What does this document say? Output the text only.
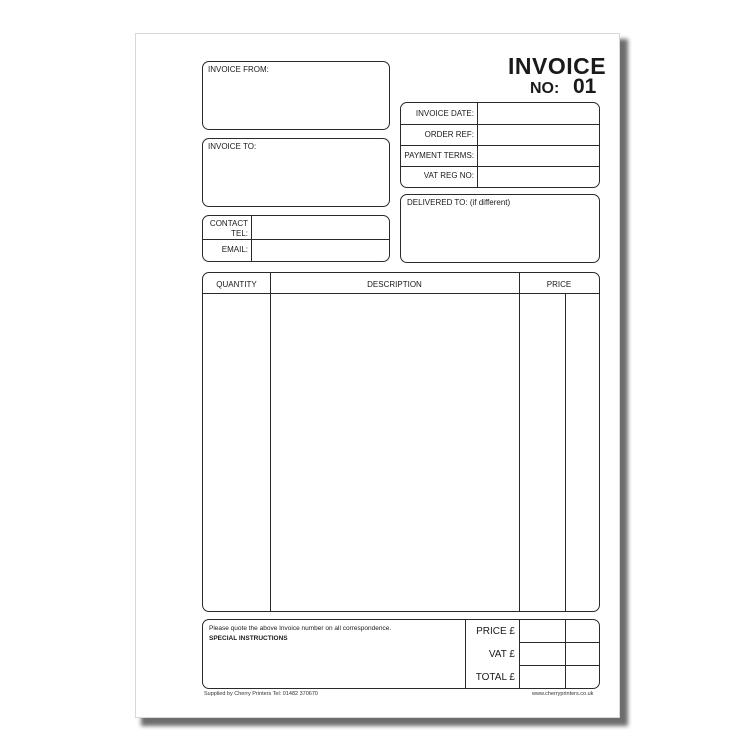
INVOICE
NO: 01
INVOICE FROM:
INVOICE TO:
CONTACT
TEL:
EMAIL:
INVOICE DATE:
ORDER REF:
PAYMENT TERMS:
VAT REG NO:
DELIVERED TO: (if different)
QUANTITY	DESCRIPTION	PRICE
Please quote the above Invoice number on all correspondence.
SPECIAL INSTRUCTIONS
PRICE £
VAT £
TOTAL £
Supplied by Cherry Printers Tel: 01482 370670	www.cherryprinters.co.uk
